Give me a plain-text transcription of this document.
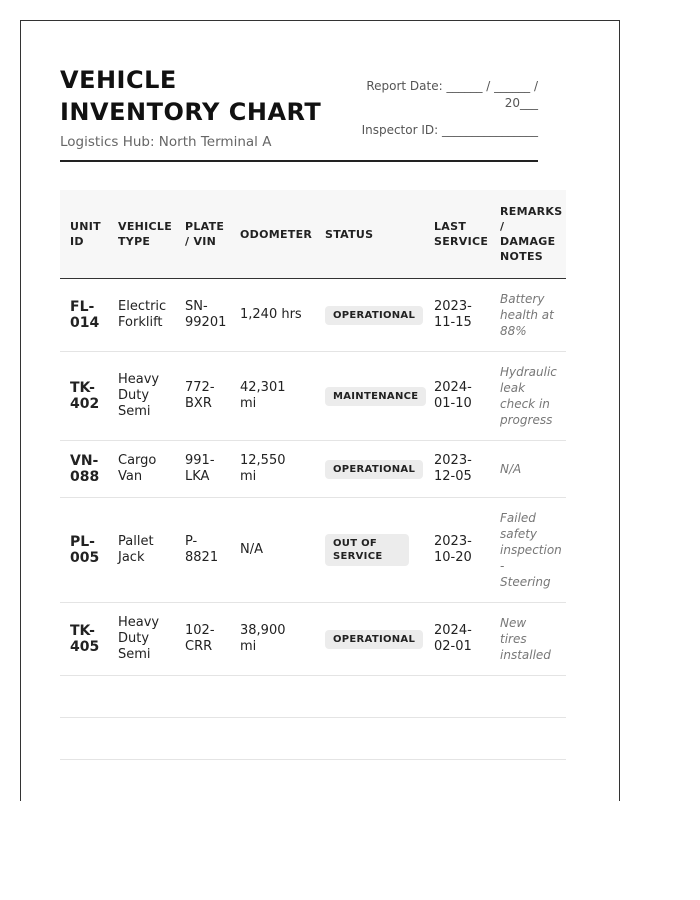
VEHICLE INVENTORY CHART
Logistics Hub: North Terminal A
Report Date: ______ / ______ /
20___
Inspector ID: ________________
UNIT ID	VEHICLE TYPE	PLATE / VIN	ODOMETER	STATUS	LAST SERVICE	REMARKS / DAMAGE NOTES
FL-014	Electric Forklift	SN-99201	1,240 hrs	OPERATIONAL	2023-11-15	Battery health at 88%
TK-402	Heavy Duty Semi	772-BXR	42,301 mi	MAINTENANCE	2024-01-10	Hydraulic leak check in progress
VN-088	Cargo Van	991-LKA	12,550 mi	OPERATIONAL	2023-12-05	N/A
PL-005	Pallet Jack	P-8821	N/A	OUT OF SERVICE	2023-10-20	Failed safety inspection - Steering
TK-405	Heavy Duty Semi	102-CRR	38,900 mi	OPERATIONAL	2024-02-01	New tires installed
